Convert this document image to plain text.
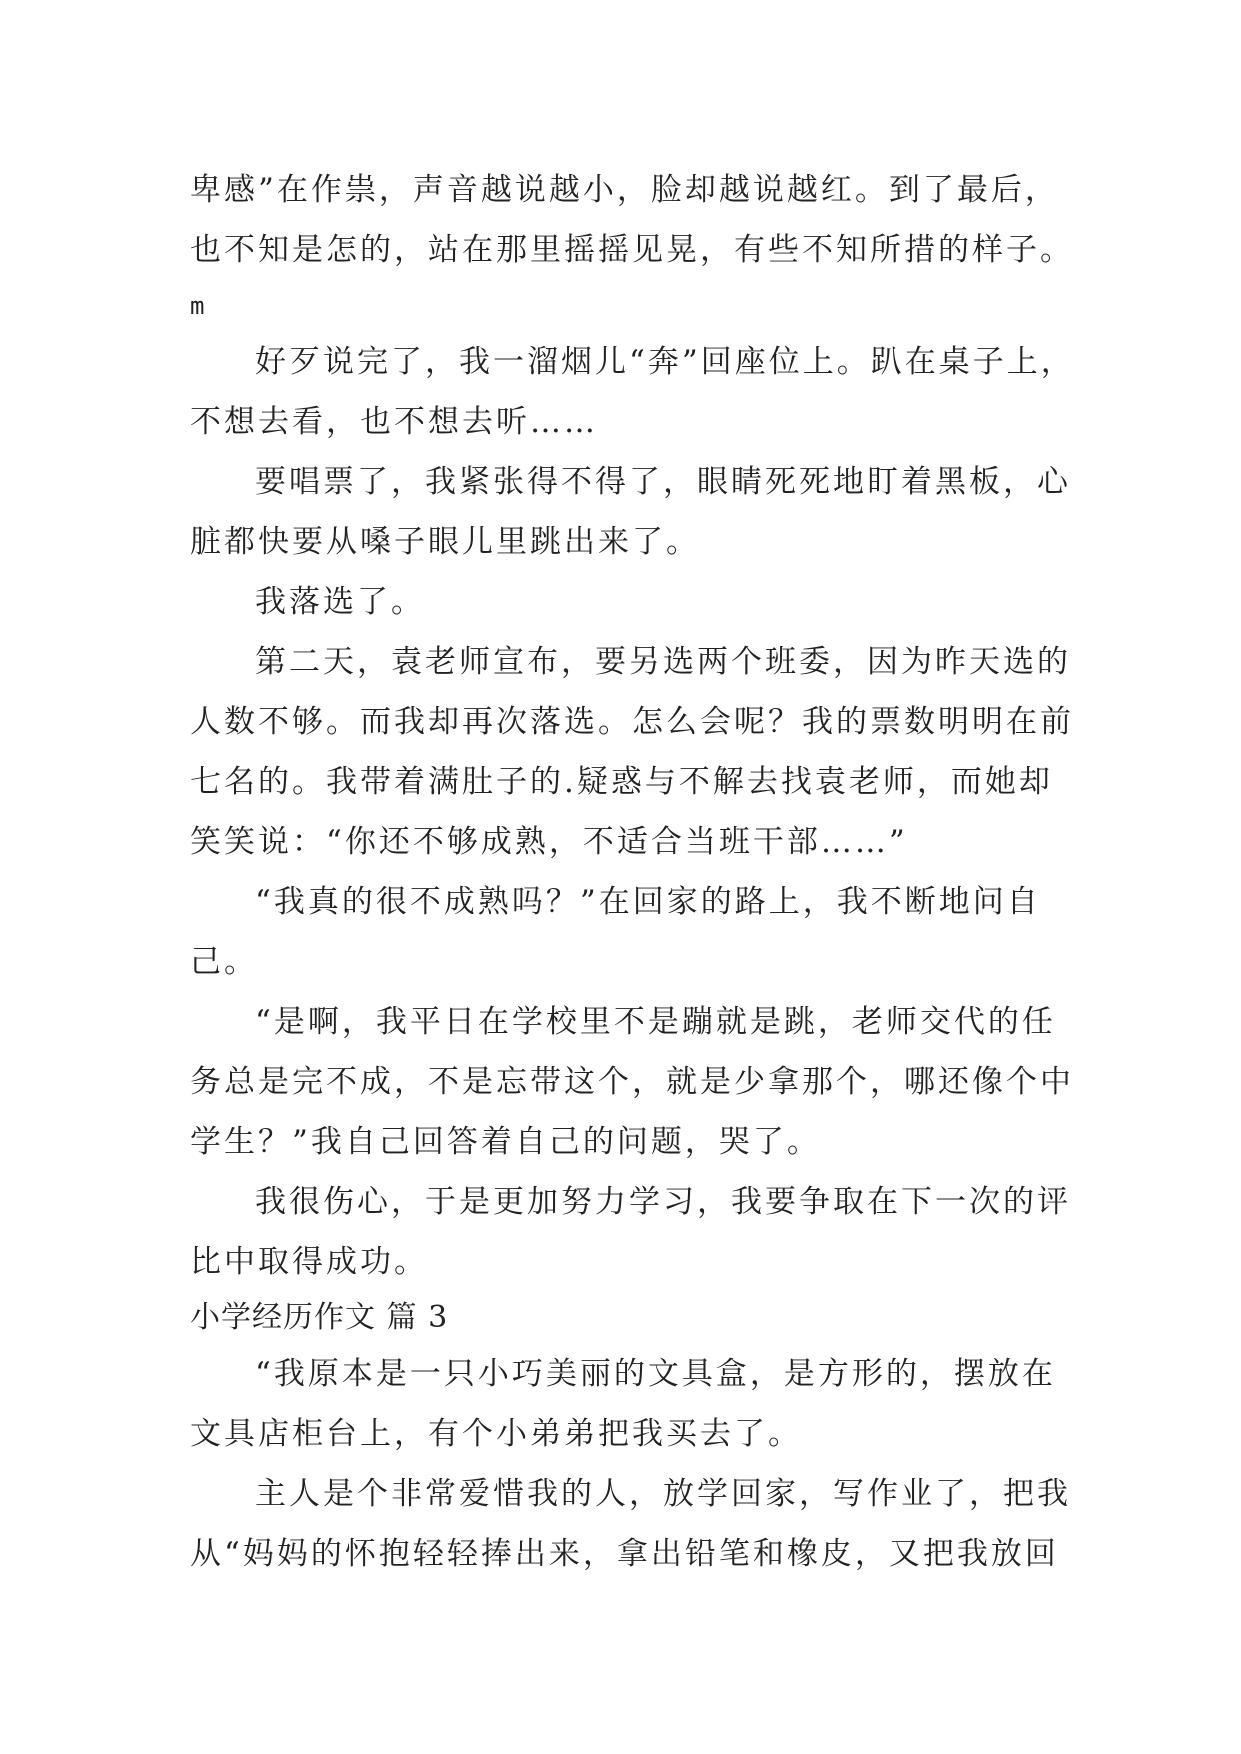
卑感”在作祟，声音越说越小，脸却越说越红。到了最后，
也不知是怎的，站在那里摇摇见晃，有些不知所措的样子。
m
好歹说完了，我一溜烟儿“奔”回座位上。趴在桌子上，
不想去看，也不想去听……
要唱票了，我紧张得不得了，眼睛死死地盯着黑板，心
脏都快要从嗓子眼儿里跳出来了。
我落选了。
第二天，袁老师宣布，要另选两个班委，因为昨天选的
人数不够。而我却再次落选。怎么会呢？我的票数明明在前
七名的。我带着满肚子的.疑惑与不解去找袁老师，而她却
笑笑说：“你还不够成熟，不适合当班干部……”
“我真的很不成熟吗？”在回家的路上，我不断地问自
己。
“是啊，我平日在学校里不是蹦就是跳，老师交代的任
务总是完不成，不是忘带这个，就是少拿那个，哪还像个中
学生？”我自己回答着自己的问题，哭了。
我很伤心，于是更加努力学习，我要争取在下一次的评
比中取得成功。
小学经历作文 篇 3
“我原本是一只小巧美丽的文具盒，是方形的，摆放在
文具店柜台上，有个小弟弟把我买去了。
主人是个非常爱惜我的人，放学回家，写作业了，把我
从“妈妈的怀抱轻轻捧出来，拿出铅笔和橡皮，又把我放回
